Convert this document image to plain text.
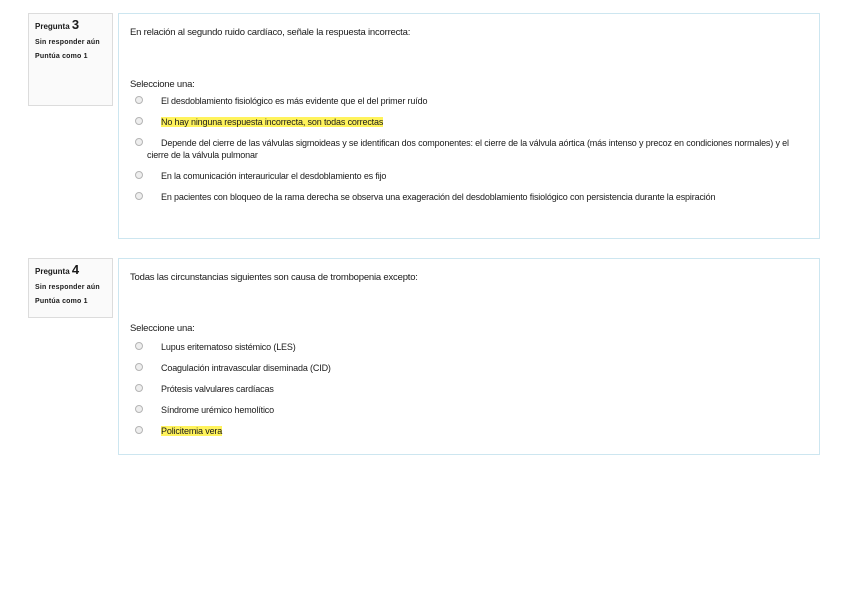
Pregunta 3
Sin responder aún
Puntúa como 1
En relación al segundo ruido cardíaco, señale la respuesta incorrecta:
Seleccione una:
El desdoblamiento fisiológico es más evidente que el del primer ruído
No hay ninguna respuesta incorrecta, son todas correctas
Depende del cierre de las válvulas sigmoideas y se identifican dos componentes: el cierre de la válvula aórtica (más intenso y precoz en condiciones normales) y el cierre de la válvula pulmonar
En la comunicación interauricular el desdoblamiento es fijo
En pacientes con bloqueo de la rama derecha se observa una exageración del desdoblamiento fisiológico con persistencia durante la espiración
Pregunta 4
Sin responder aún
Puntúa como 1
Todas las circunstancias siguientes son causa de trombopenia excepto:
Seleccione una:
Lupus eritematoso sistémico (LES)
Coagulación intravascular diseminada (CID)
Prótesis valvulares cardíacas
Síndrome urémico hemolítico
Policitemia vera
